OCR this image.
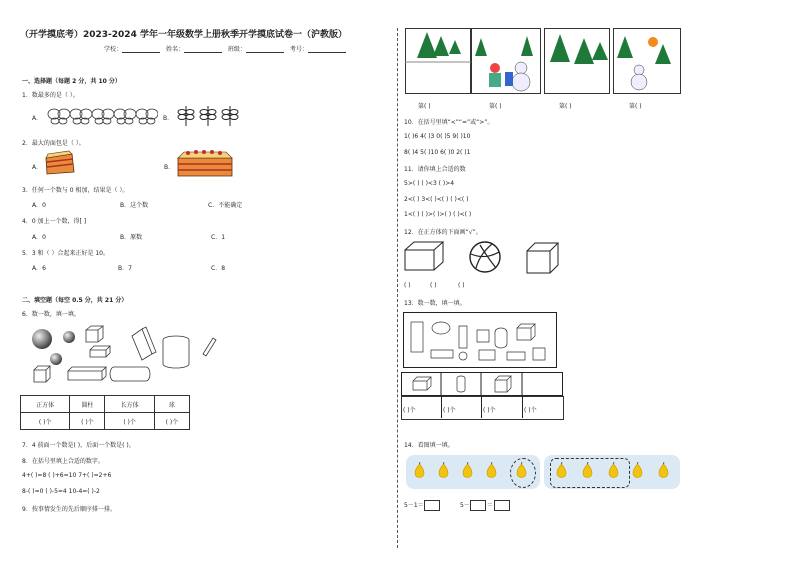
（开学摸底考）2023-2024 学年一年级数学上册秋季开学摸底试卷一（沪教版）
学校：	姓名：	班级：	考号：
一、选择题（每题 2 分，共 10 分）
1．数最多的是（ ）。
A．	B．
2．最大的面包是（ ）。
A．	B．
3．任何一个数与 0 相加，结果是（ ）。
A．0	B．这个数	C．不能确定
4．0 加上一个数，得[ ]
A．0	B．原数	C．1
5．3 和（ ）合起来正好是 10。
A．6	B．7	C．8
二、填空题（每空 0.5 分，共 21 分）
6．数一数，填一填。
正方体	圆柱	长方体	球
( )个	( )个	( )个	( )个
7．4 前面一个数是( )，后面一个数是( )。
8．在括号里填上合适的数字。
4+( )=8 ( )+6=10 7+( )=2+6
8-( )=0 ( )-5=4 10-4=( )-2
9．按事情发生的先后顺序排一排。
第( )	第( )	第( )	第( )
10．在括号里填“<”“=”或“>”。
1( )6 4( )3 0( )5 9( )10
8( )4 5( )10 6( )0 2( )1
11．请你填上合适的数
5>( ) ( )<3 ( )>4
2<( ) 3<( )<( ) ( )<( )
1<( ) ( )>( )>( ) ( )<( )
12．在正方体的下面画“√”。
( )	( )	( )
13．数一数，填一填。
( )个	( )个	( )个	( )个
14．看图填一填。
5－1＝	5－	＝
